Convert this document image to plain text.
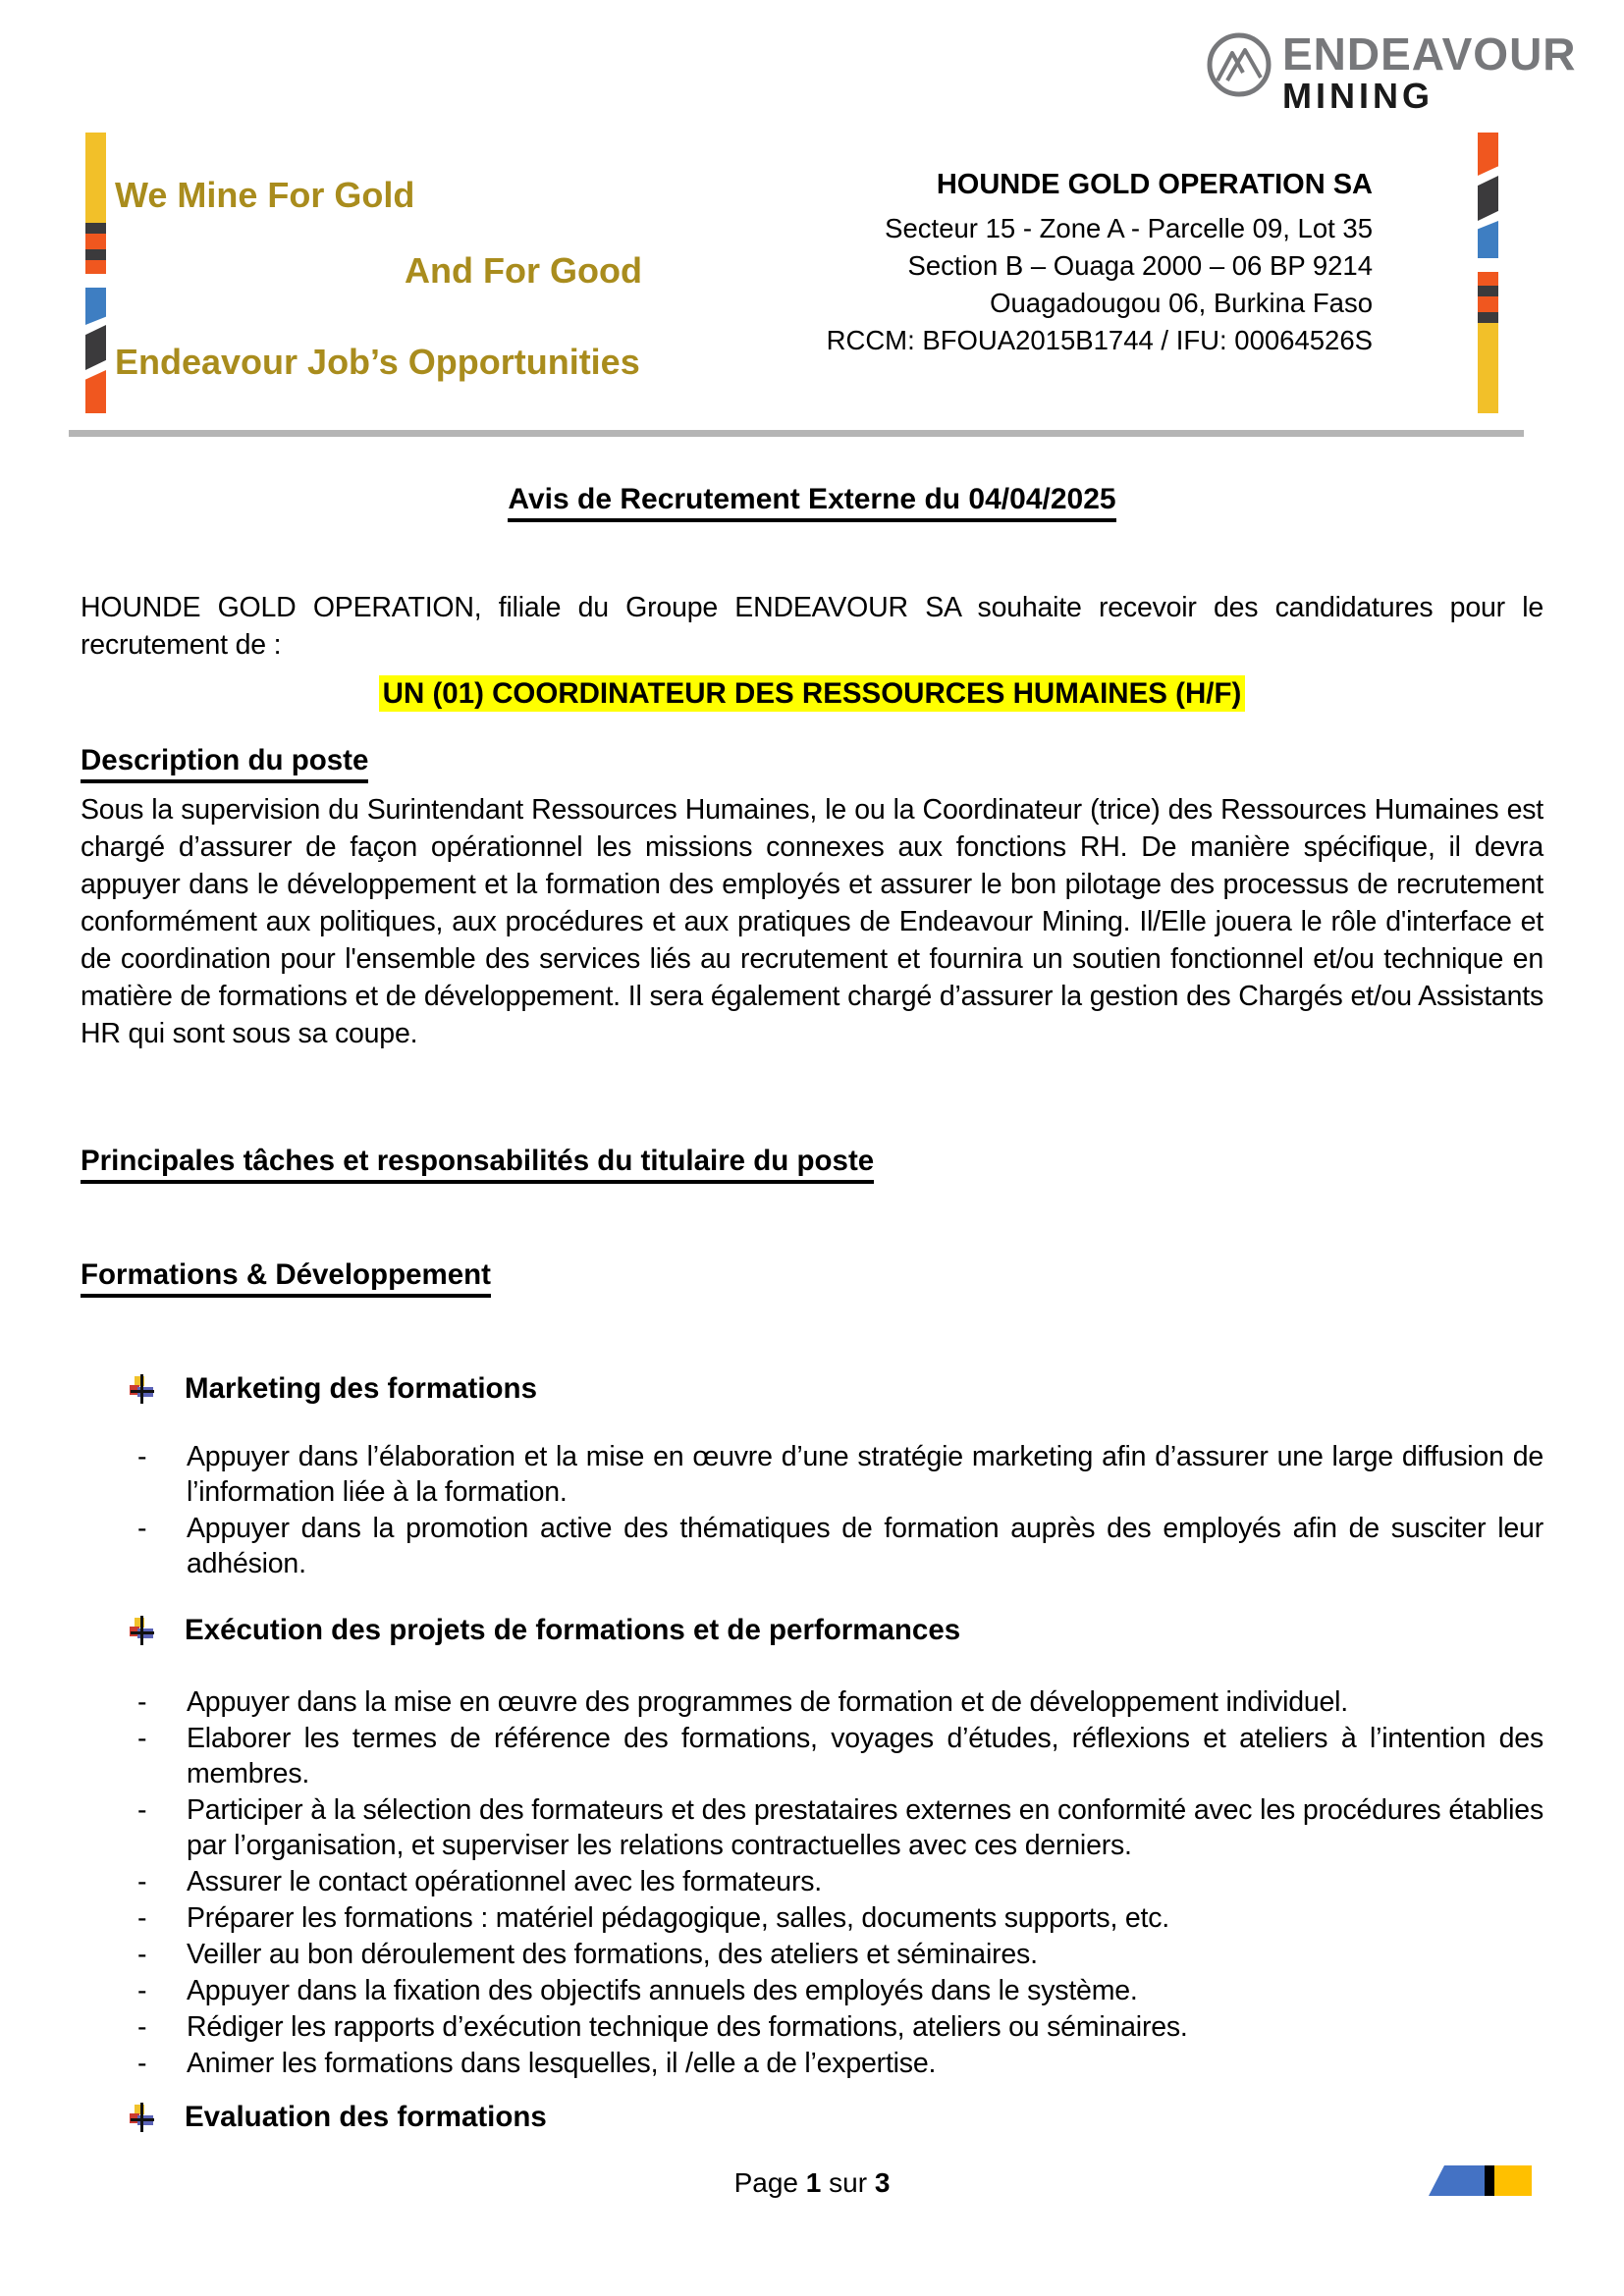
ENDEAVOUR
MINING
We Mine For Gold
And For Good
Endeavour Job’s Opportunities
HOUNDE GOLD OPERATION SA
Secteur 15 - Zone A - Parcelle 09, Lot 35
Section B – Ouaga 2000 – 06 BP 9214
Ouagadougou 06, Burkina Faso
RCCM: BFOUA2015B1744 / IFU: 00064526S
Avis de Recrutement Externe du 04/04/2025
HOUNDE GOLD OPERATION, filiale du Groupe ENDEAVOUR SA souhaite recevoir des candidatures pour le recrutement de :
UN (01) COORDINATEUR DES RESSOURCES HUMAINES (H/F)
Description du poste
Sous la supervision du Surintendant Ressources Humaines, le ou la Coordinateur (trice) des Ressources Humaines est chargé d’assurer de façon opérationnel les missions connexes aux fonctions RH. De manière spécifique, il devra appuyer dans le développement et la formation des employés et assurer le bon pilotage des processus de recrutement conformément aux politiques, aux procédures et aux pratiques de Endeavour Mining. Il/Elle jouera le rôle d'interface et de coordination pour l'ensemble des services liés au recrutement et fournira un soutien fonctionnel et/ou technique en matière de formations et de développement. Il sera également chargé d’assurer la gestion des Chargés et/ou Assistants HR qui sont sous sa coupe.
Principales tâches et responsabilités du titulaire du poste
Formations & Développement
Marketing des formations
-	Appuyer dans l’élaboration et la mise en œuvre d’une stratégie marketing afin d’assurer une large diffusion de l’information liée à la formation.
-	Appuyer dans la promotion active des thématiques de formation auprès des employés afin de susciter leur adhésion.
Exécution des projets de formations et de performances
-	Appuyer dans la mise en œuvre des programmes de formation et de développement individuel.
-	Elaborer les termes de référence des formations, voyages d’études, réflexions et ateliers à l’intention des membres.
-	Participer à la sélection des formateurs et des prestataires externes en conformité avec les procédures établies par l’organisation, et superviser les relations contractuelles avec ces derniers.
-	Assurer le contact opérationnel avec les formateurs.
-	Préparer les formations : matériel pédagogique, salles, documents supports, etc.
-	Veiller au bon déroulement des formations, des ateliers et séminaires.
-	Appuyer dans la fixation des objectifs annuels des employés dans le système.
-	Rédiger les rapports d’exécution technique des formations, ateliers ou séminaires.
-	Animer les formations dans lesquelles, il /elle a de l’expertise.
Evaluation des formations
Page 1 sur 3
